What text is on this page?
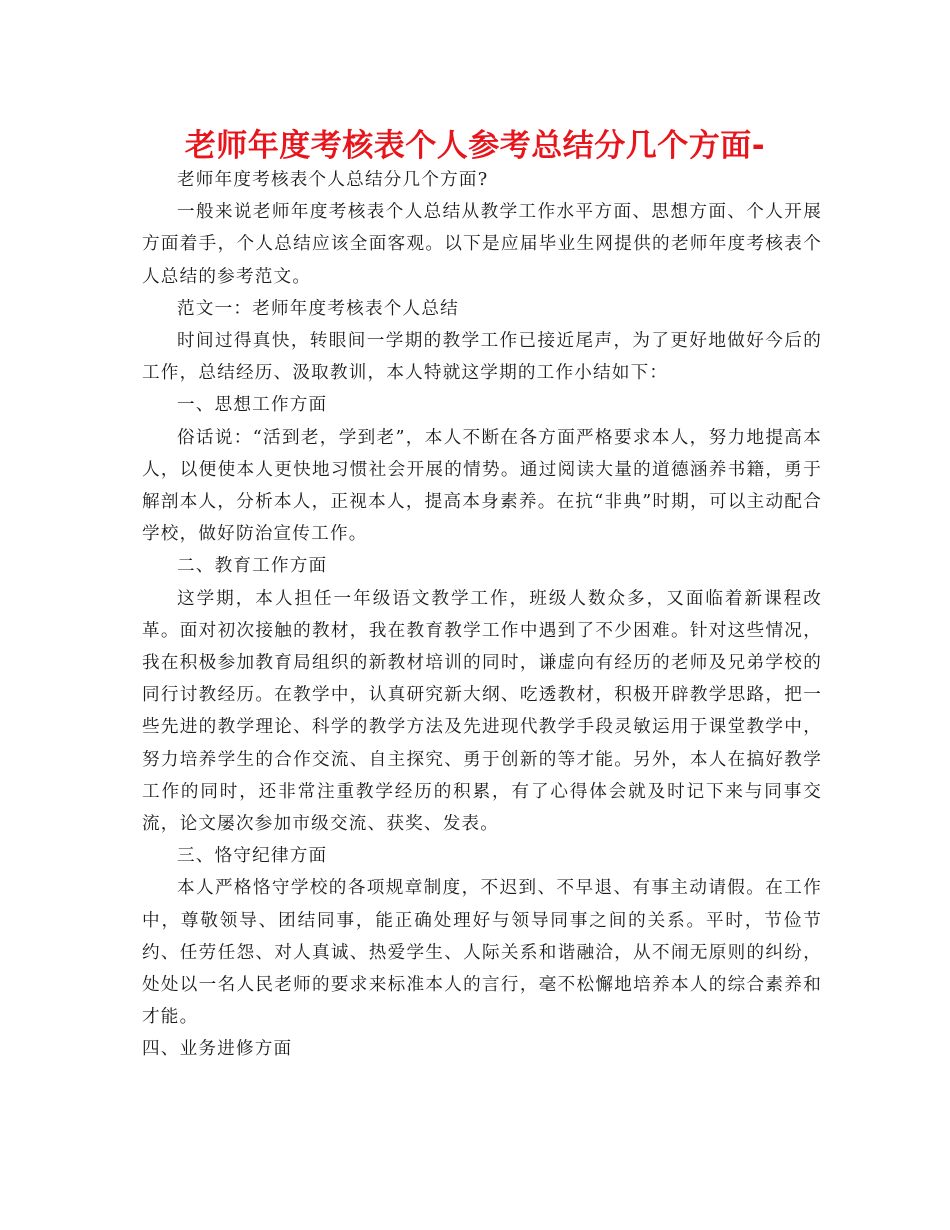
老师年度考核表个人参考总结分几个方面-

老师年度考核表个人总结分几个方面?

一般来说老师年度考核表个人总结从教学工作水平方面、思想方面、个人开展方面着手，个人总结应该全面客观。以下是应届毕业生网提供的老师年度考核表个人总结的参考范文。

范文一：老师年度考核表个人总结

时间过得真快，转眼间一学期的教学工作已接近尾声，为了更好地做好今后的工作，总结经历、汲取教训，本人特就这学期的工作小结如下：

一、思想工作方面

俗话说：“活到老，学到老”，本人不断在各方面严格要求本人，努力地提高本人，以便使本人更快地习惯社会开展的情势。通过阅读大量的道德涵养书籍，勇于解剖本人，分析本人，正视本人，提高本身素养。在抗“非典”时期，可以主动配合学校，做好防治宣传工作。

二、教育工作方面

这学期，本人担任一年级语文教学工作，班级人数众多，又面临着新课程改革。面对初次接触的教材，我在教育教学工作中遇到了不少困难。针对这些情况，我在积极参加教育局组织的新教材培训的同时，谦虚向有经历的老师及兄弟学校的同行讨教经历。在教学中，认真研究新大纲、吃透教材，积极开辟教学思路，把一些先进的教学理论、科学的教学方法及先进现代教学手段灵敏运用于课堂教学中，努力培养学生的合作交流、自主探究、勇于创新的等才能。另外，本人在搞好教学工作的同时，还非常注重教学经历的积累，有了心得体会就及时记下来与同事交流，论文屡次参加市级交流、获奖、发表。

三、恪守纪律方面

本人严格恪守学校的各项规章制度，不迟到、不早退、有事主动请假。在工作中，尊敬领导、团结同事，能正确处理好与领导同事之间的关系。平时，节俭节约、任劳任怨、对人真诚、热爱学生、人际关系和谐融洽，从不闹无原则的纠纷，处处以一名人民老师的要求来标准本人的言行，毫不松懈地培养本人的综合素养和才能。

四、业务进修方面
